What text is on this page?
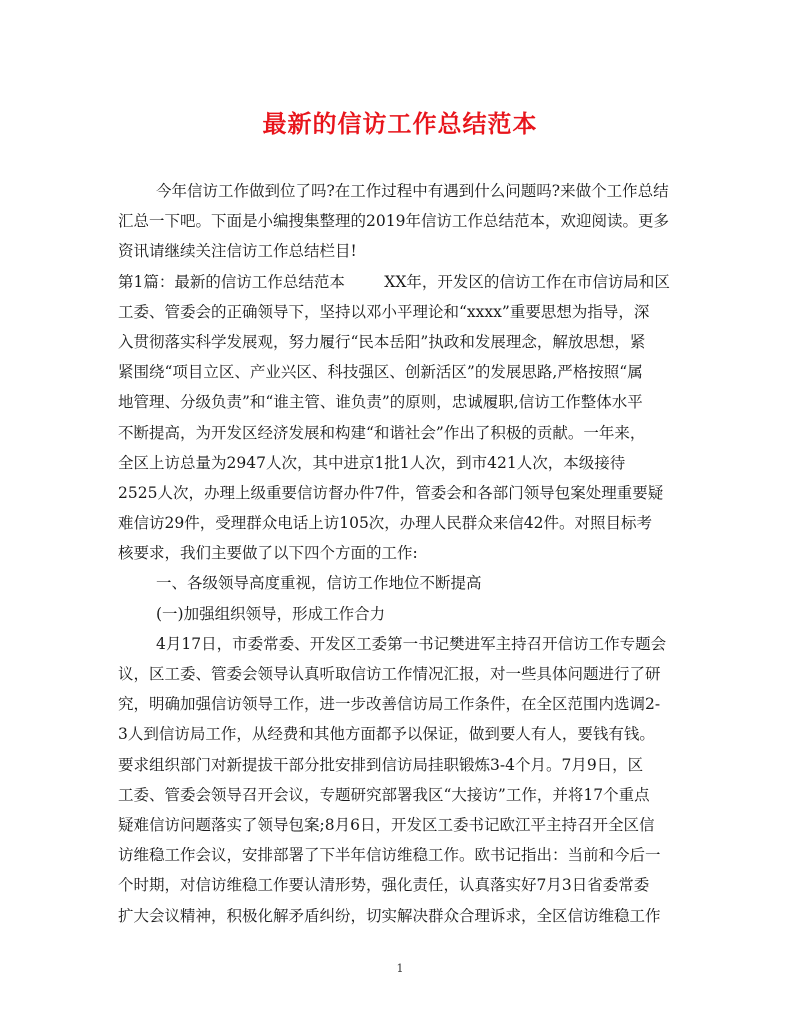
最新的信访工作总结范本
今年信访工作做到位了吗?在工作过程中有遇到什么问题吗?来做个工作总结
汇总一下吧。下面是小编搜集整理的2019年信访工作总结范本，欢迎阅读。更多
资讯请继续关注信访工作总结栏目!
第1篇：最新的信访工作总结范本        XX年，开发区的信访工作在市信访局和区
工委、管委会的正确领导下，坚持以邓小平理论和“xxxx”重要思想为指导，深
入贯彻落实科学发展观，努力履行“民本岳阳”执政和发展理念，解放思想，紧
紧围绕“项目立区、产业兴区、科技强区、创新活区”的发展思路,严格按照“属
地管理、分级负责”和“谁主管、谁负责”的原则，忠诚履职,信访工作整体水平
不断提高，为开发区经济发展和构建“和谐社会”作出了积极的贡献。一年来，
全区上访总量为2947人次，其中进京1批1人次，到市421人次，本级接待
2525人次，办理上级重要信访督办件7件，管委会和各部门领导包案处理重要疑
难信访29件，受理群众电话上访105次，办理人民群众来信42件。对照目标考
核要求，我们主要做了以下四个方面的工作:
一、各级领导高度重视，信访工作地位不断提高
(一)加强组织领导，形成工作合力
4月17日，市委常委、开发区工委第一书记樊进军主持召开信访工作专题会
议，区工委、管委会领导认真听取信访工作情况汇报，对一些具体问题进行了研
究，明确加强信访领导工作，进一步改善信访局工作条件，在全区范围内选调2-
3人到信访局工作，从经费和其他方面都予以保证，做到要人有人，要钱有钱。
要求组织部门对新提拔干部分批安排到信访局挂职锻炼3-4个月。7月9日，区
工委、管委会领导召开会议，专题研究部署我区“大接访”工作，并将17个重点
疑难信访问题落实了领导包案;8月6日，开发区工委书记欧江平主持召开全区信
访维稳工作会议，安排部署了下半年信访维稳工作。欧书记指出：当前和今后一
个时期，对信访维稳工作要认清形势，强化责任，认真落实好7月3日省委常委
扩大会议精神，积极化解矛盾纠纷，切实解决群众合理诉求，全区信访维稳工作
1
